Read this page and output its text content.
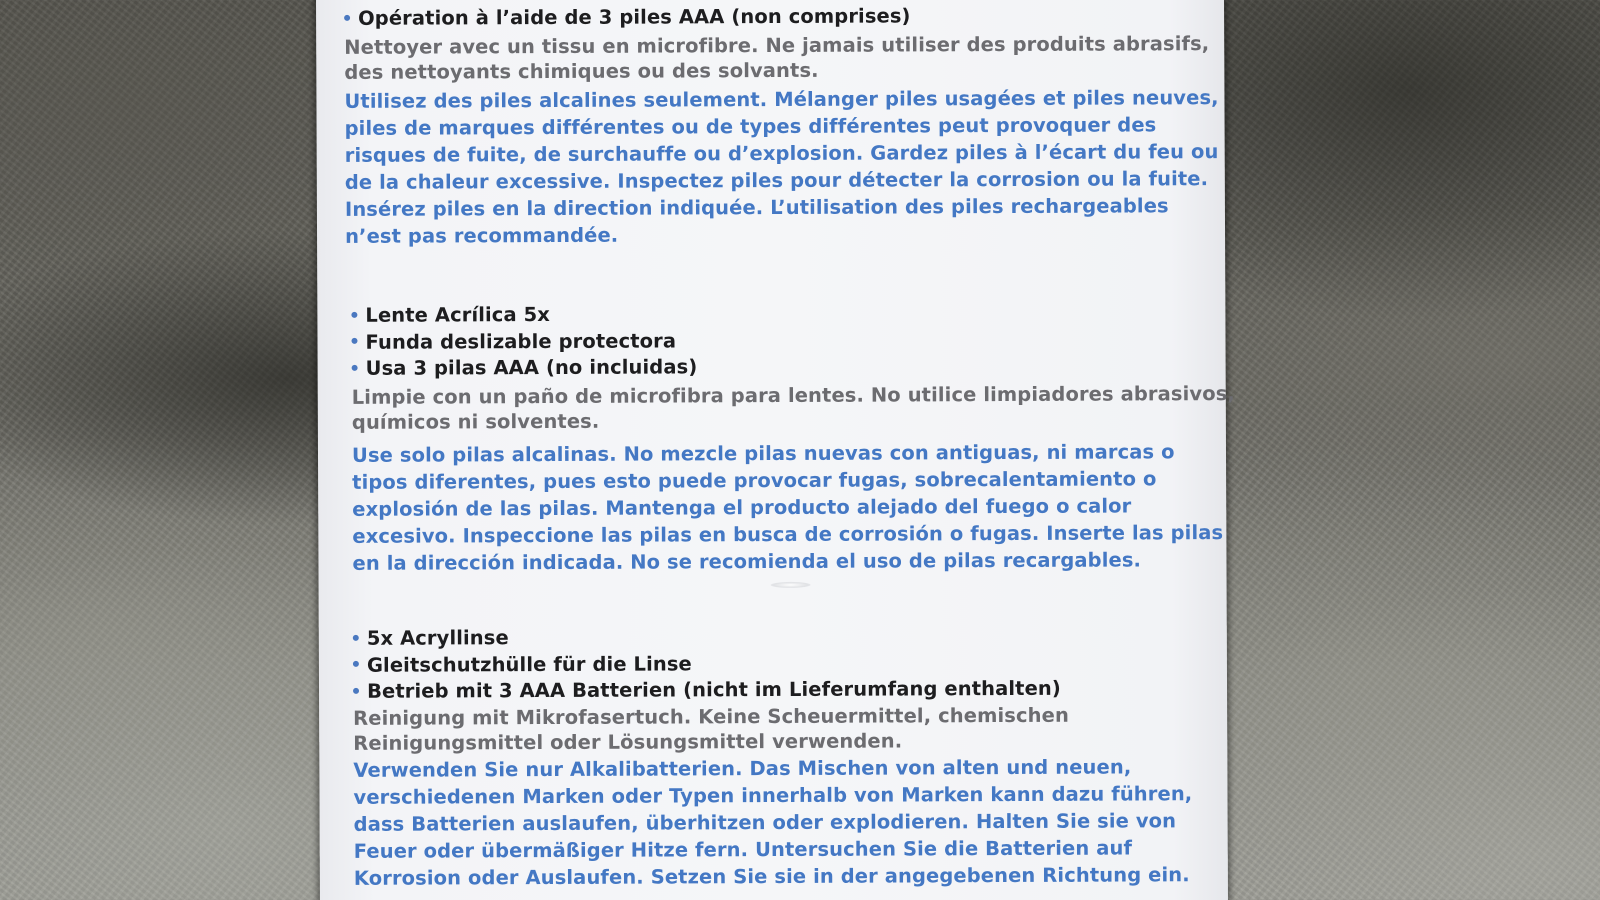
Opération à l’aide de 3 piles AAA (non comprises)
Nettoyer avec un tissu en microfibre. Ne jamais utiliser des produits abrasifs,
des nettoyants chimiques ou des solvants.
Utilisez des piles alcalines seulement. Mélanger piles usagées et piles neuves,
piles de marques différentes ou de types différentes peut provoquer des
risques de fuite, de surchauffe ou d’explosion. Gardez piles à l’écart du feu ou
de la chaleur excessive. Inspectez piles pour détecter la corrosion ou la fuite.
Insérez piles en la direction indiquée. L’utilisation des piles rechargeables
n’est pas recommandée.
Lente Acrílica 5x
Funda deslizable protectora
Usa 3 pilas AAA (no incluidas)
Limpie con un paño de microfibra para lentes. No utilice limpiadores abrasivos,
químicos ni solventes.
Use solo pilas alcalinas. No mezcle pilas nuevas con antiguas, ni marcas o
tipos diferentes, pues esto puede provocar fugas, sobrecalentamiento o
explosión de las pilas. Mantenga el producto alejado del fuego o calor
excesivo. Inspeccione las pilas en busca de corrosión o fugas. Inserte las pilas
en la dirección indicada. No se recomienda el uso de pilas recargables.
5x Acryllinse
Gleitschutzhülle für die Linse
Betrieb mit 3 AAA Batterien (nicht im Lieferumfang enthalten)
Reinigung mit Mikrofasertuch. Keine Scheuermittel, chemischen
Reinigungsmittel oder Lösungsmittel verwenden.
Verwenden Sie nur Alkalibatterien. Das Mischen von alten und neuen,
verschiedenen Marken oder Typen innerhalb von Marken kann dazu führen,
dass Batterien auslaufen, überhitzen oder explodieren. Halten Sie sie von
Feuer oder übermäßiger Hitze fern. Untersuchen Sie die Batterien auf
Korrosion oder Auslaufen. Setzen Sie sie in der angegebenen Richtung ein.
